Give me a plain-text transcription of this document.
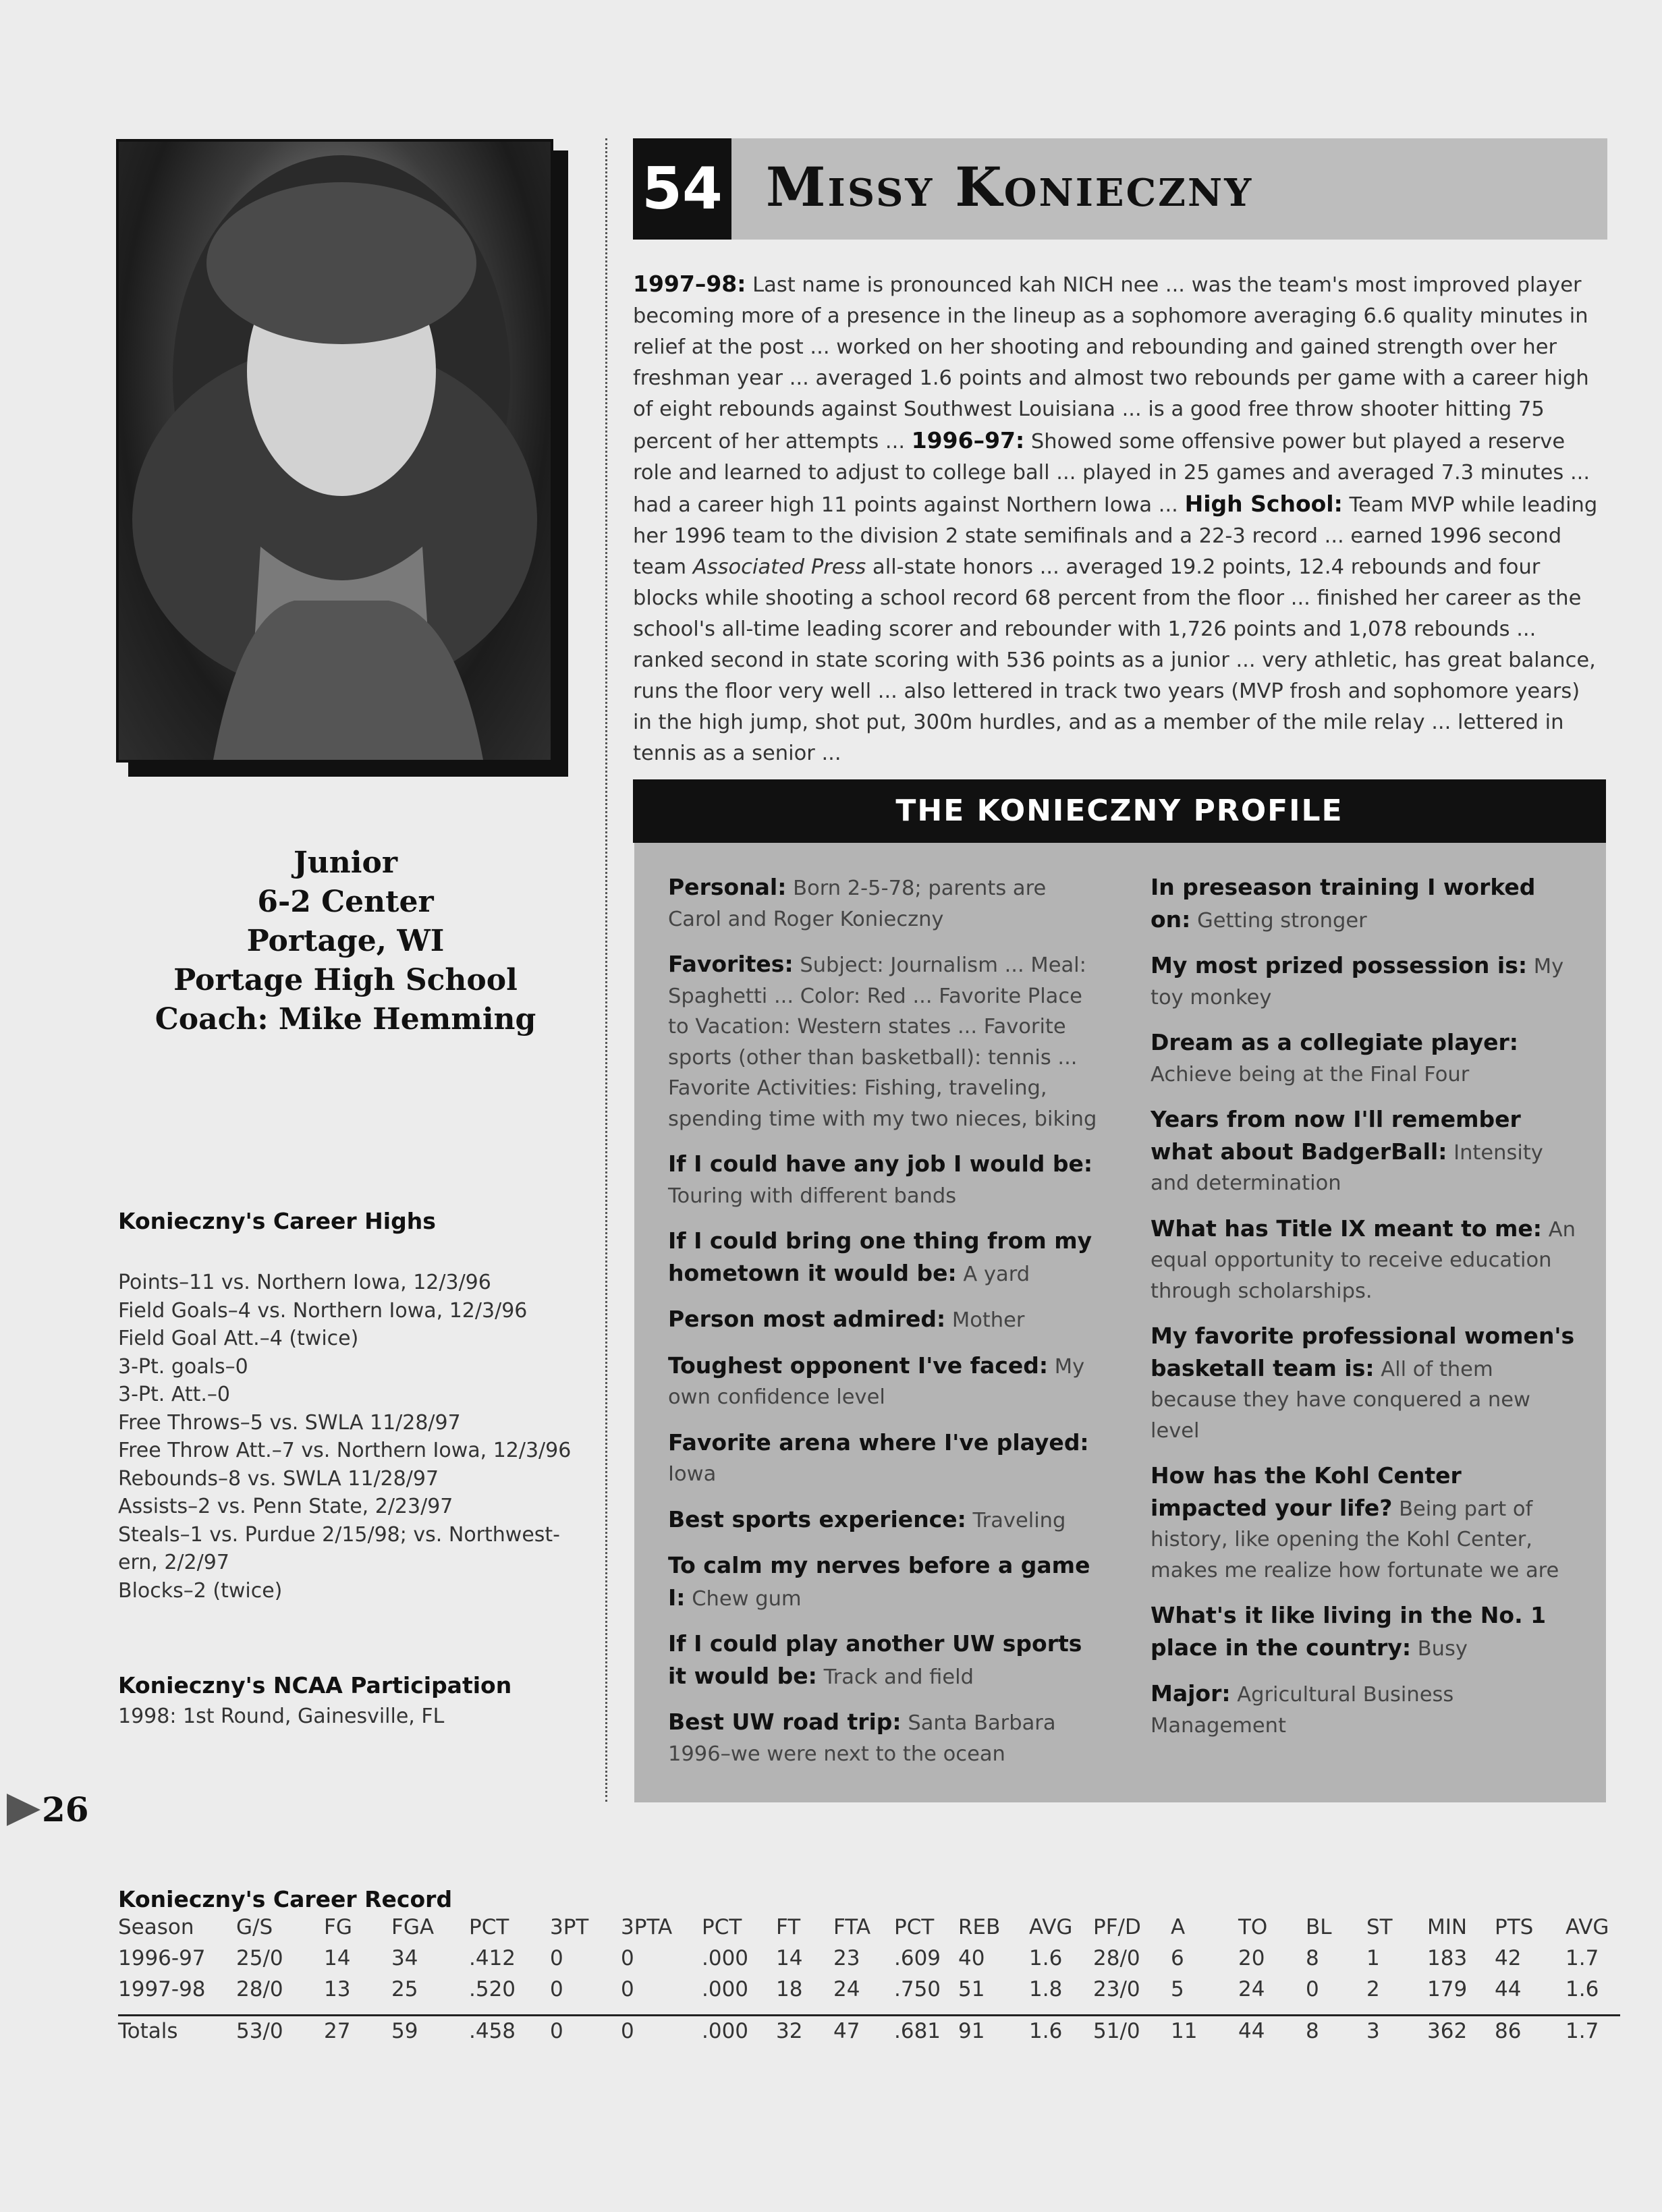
54 Missy Konieczny
1997–98: Last name is pronounced kah NICH nee ... was the team's most improved player becoming more of a presence in the lineup as a sophomore averaging 6.6 quality minutes in relief at the post ... worked on her shooting and rebounding and gained strength over her freshman year ... averaged 1.6 points and almost two rebounds per game with a career high of eight rebounds against Southwest Louisiana ... is a good free throw shooter hitting 75 percent of her attempts ... 1996–97: Showed some offensive power but played a reserve role and learned to adjust to college ball ... played in 25 games and averaged 7.3 minutes ... had a career high 11 points against Northern Iowa ... High School: Team MVP while leading her 1996 team to the division 2 state semifinals and a 22-3 record ... earned 1996 second team Associated Press all-state honors ... averaged 19.2 points, 12.4 rebounds and four blocks while shooting a school record 68 percent from the floor ... finished her career as the school's all-time leading scorer and rebounder with 1,726 points and 1,078 rebounds ... ranked second in state scoring with 536 points as a junior ... very athletic, has great balance, runs the floor very well ... also lettered in track two years (MVP frosh and sophomore years) in the high jump, shot put, 300m hurdles, and as a member of the mile relay ... lettered in tennis as a senior ...
Junior
6-2 Center
Portage, WI
Portage High School
Coach: Mike Hemming
Konieczny's Career Highs
Points–11 vs. Northern Iowa, 12/3/96
Field Goals–4 vs. Northern Iowa, 12/3/96
Field Goal Att.–4 (twice)
3-Pt. goals–0
3-Pt. Att.–0
Free Throws–5 vs. SWLA 11/28/97
Free Throw Att.–7 vs. Northern Iowa, 12/3/96
Rebounds–8 vs. SWLA 11/28/97
Assists–2 vs. Penn State, 2/23/97
Steals–1 vs. Purdue 2/15/98; vs. Northwest-ern, 2/2/97
Blocks–2 (twice)
Konieczny's NCAA Participation
1998: 1st Round, Gainesville, FL
26
THE KONIECZNY PROFILE
Personal: Born 2-5-78; parents are Carol and Roger Konieczny
Favorites: Subject: Journalism ... Meal: Spaghetti ... Color: Red ... Favorite Place to Vacation: Western states ... Favorite sports (other than basketball): tennis ... Favorite Activities: Fishing, traveling, spending time with my two nieces, biking
If I could have any job I would be: Touring with different bands
If I could bring one thing from my hometown it would be: A yard
Person most admired: Mother
Toughest opponent I've faced: My own confidence level
Favorite arena where I've played: Iowa
Best sports experience: Traveling
To calm my nerves before a game I: Chew gum
If I could play another UW sports it would be: Track and field
Best UW road trip: Santa Barbara 1996–we were next to the ocean
In preseason training I worked on: Getting stronger
My most prized possession is: My toy monkey
Dream as a collegiate player: Achieve being at the Final Four
Years from now I'll remember what about BadgerBall: Intensity and determination
What has Title IX meant to me: An equal opportunity to receive education through scholarships.
My favorite professional women's basketall team is: All of them because they have conquered a new level
How has the Kohl Center impacted your life? Being part of history, like opening the Kohl Center, makes me realize how fortunate we are
What's it like living in the No. 1 place in the country: Busy
Major: Agricultural Business Management
Konieczny's Career Record
Season G/S FG FGA PCT 3PT 3PTA PCT FT FTA PCT REB AVG PF/D A	TO BL ST MIN PTS AVG
1996-97 25/0 14 34 .412 0	0	.000 14 23 .609 40 1.6 28/0 6	20 8 1 183 42 1.7
1997-98 28/0 13 25 .520 0	0	.000 18 24 .750 51 1.8 23/0 5	24 0 2 179 44 1.6
Totals	53/0 27 59 .458 0	0	.000 32 47 .681 91 1.6 51/0 11 44 8 3 362 86 1.7
